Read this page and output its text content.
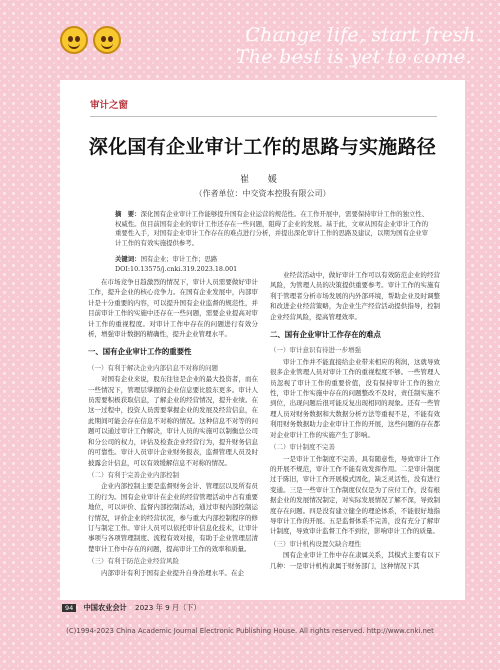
Change life, start fresh.
The best is yet to come.
审计之窗
深化国有企业审计工作的思路与实施路径
崔 媛
（作者单位：中交资本控股有限公司）
摘　要：深化国有企业审计工作能够提升国有企业运营的规范性。在工作开展中，需要保持审计工作的独立性、权威性。但目前国有企业的审计工作还存在一些问题，阻碍了企业的发展。基于此，文章从国有企业审计工作的重要性入手，对国有企业审计工作存在的难点进行分析，并提出深化审计工作的思路及建议，以期为国有企业审计工作的有效实施提供参考。
关键词：国有企业；审计工作；思路
DOI:10.13575/j.cnki.319.2023.18.001

在市场竞争日趋激烈的情况下，审计人员需要做好审计工作，提升企业的核心竞争力。在国有企业发展中，内部审计是十分重要的内容，可以提升国有企业监督的规范性，并目前审计工作的实施中还存在一些问题，需要企业提高对审计工作的重视程度。对审计工作中存在的问题进行有效分析，增强审计数据的精确性，提升企业管理水平。

一、国有企业审计工作的重要性

（一）有利于解决企业内部信息不对称的问题

对国有企业来说，股东往往是企业的最大投资者，而在一些情况下，管理层掌握的企业信息要比股东更多。审计人员需要积极获取信息，了解企业的经营情况，提升业绩。在这一过程中，投资人员需要掌握企业的发展及经营信息，在此期间可能会存在信息不对称的情况。这种信息不对等的问题可以通过审计工作解决，审计人员的实施可以制衡总公司和分公司的权力，评估及检查企业经营行为，提升财务信息的可靠性。审计人员审计企业财务报表，监督管理人员及时披露会计信息，可以有效缓解信息不对称的情况。

（二）有利于完善企业内部控制

企业内部控制主要是监督财务会计、管理层以及所有员工的行为。国有企业审计在企业的经营管理活动中占有重要地位，可以评价、监督内部控制活动，通过审视内部控制运行情况，评价企业的经营状况，参与重大内部控制程序的修订与制定工作。审计人员可以依托审计信息化技术，让审计事项与各项管理制度、流程有效对接，有助于企业管理层清楚审计工作中存在的问题，提高审计工作的效率和质量。

（三）有利于防范企业经营风险

内部审计有利于国有企业提升自身治理水平。在企

业经营活动中，做好审计工作可以有效防范企业的经营风险，为管理人员的决策提供重要参考。审计工作的实施有利于管理者分析市场发展的内外部环境，帮助企业及时调整和改进企业经营策略，为企业生产经营活动提供指导，控制企业经营风险，提高管理效率。

二、国有企业审计工作存在的难点

（一）审计意识有待进一步增强

审计工作并不能直接给企业带来相应的利润，这就导致很多企业管理人员对审计工作的重视程度不够。一些管理人员忽视了审计工作的重要价值，没有保持审计工作的独立性，审计工作实施中存在的问题整改不及时，责任制实施不到位，出现问题后很可能反复出现相同的现象。还有一些管理人员对财务数据和大数据分析方法等重视不足，不能有效利用财务数据助力企业审计工作的开展，这些问题的存在都对企业审计工作的实施产生了影响。

（二）审计制度不完善

一是审计工作制度不完善，具有随意性，导致审计工作的开展不规范，审计工作不能有效发挥作用。二是审计制度过于陈旧，审计工作开展模式固化，缺乏灵活性，没有进行变通。三是一些审计工作制度仅仅是为了应付工作，没有根据企业的发展情况制定，对实际发展情况了解不深，导致制度存在问题。四是没有建立健全的理论体系，不能很好地指导审计工作的开展。五是监督体系不完善，没有充分了解审计制度，导致审计监督工作不到位，影响审计工作的质量。

（三）审计机构设置欠缺合理性

国有企业审计工作中存在隶属关系，其模式主要有以下几种：一是审计机构隶属于财务部门，这种情况下其

94 中国农业会计 2023 年 9 月（下）
(C)1994-2023 China Academic Journal Electronic Publishing House. All rights reserved. http://www.cnki.net
